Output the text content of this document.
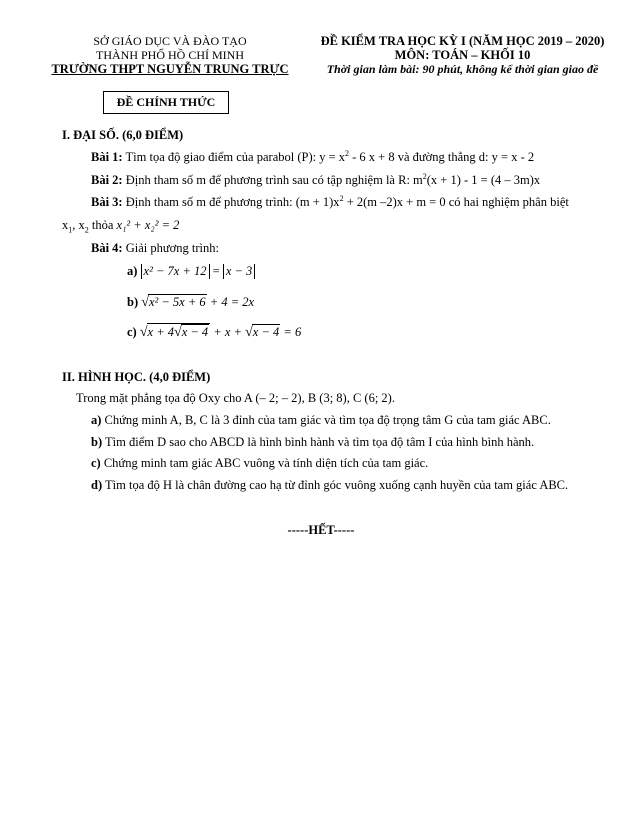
SỞ GIÁO DỤC VÀ ĐÀO TẠO
THÀNH PHỐ HỒ CHÍ MINH
TRƯỜNG THPT NGUYỄN TRUNG TRỰC
ĐỀ KIỂM TRA HỌC KỲ I (NĂM HỌC 2019 – 2020)
MÔN: TOÁN – KHỐI 10
Thời gian làm bài: 90 phút, không kể thời gian giao đề
ĐỀ CHÍNH THỨC
I. ĐẠI SỐ. (6,0 ĐIỂM)
Bài 1: Tìm tọa độ giao điểm của parabol (P): $y = x^2 - 6$ x + 8 và đường thẳng d: y = x - 2
Bài 2: Định tham số m để phương trình sau có tập nghiệm là R: $m^2(x + 1) - 1 = (4 - 3m)x$
Bài 3: Định tham số m để phương trình: $(m + 1)x^2 + 2(m$ –2)x + m = 0 có hai nghiệm phân biệt
$x_1$, $x_2$ thỏa x₁² + x₂² = 2
Bài 4: Giải phương trình:
a) x² − 7x + 12 = x − 3
b) √x² − 5x + 6 + 4 = 2x
c) √x + 4√x − 4 + x + √x − 4 = 6
II. HÌNH HỌC. (4,0 ĐIỂM)
Trong mặt phẳng tọa độ Oxy cho A (– 2; – 2), B (3; 8), C (6; 2).
a) Chứng minh A, B, C là 3 đỉnh của tam giác và tìm tọa độ trọng tâm G của tam giác ABC.
b) Tìm điểm D sao cho ABCD là hình bình hành và tìm tọa độ tâm I của hình bình hành.
c) Chứng minh tam giác ABC vuông và tính diện tích của tam giác.
d) Tìm tọa độ H là chân đường cao hạ từ đỉnh góc vuông xuống cạnh huyền của tam giác ABC.
-----HẾT-----
